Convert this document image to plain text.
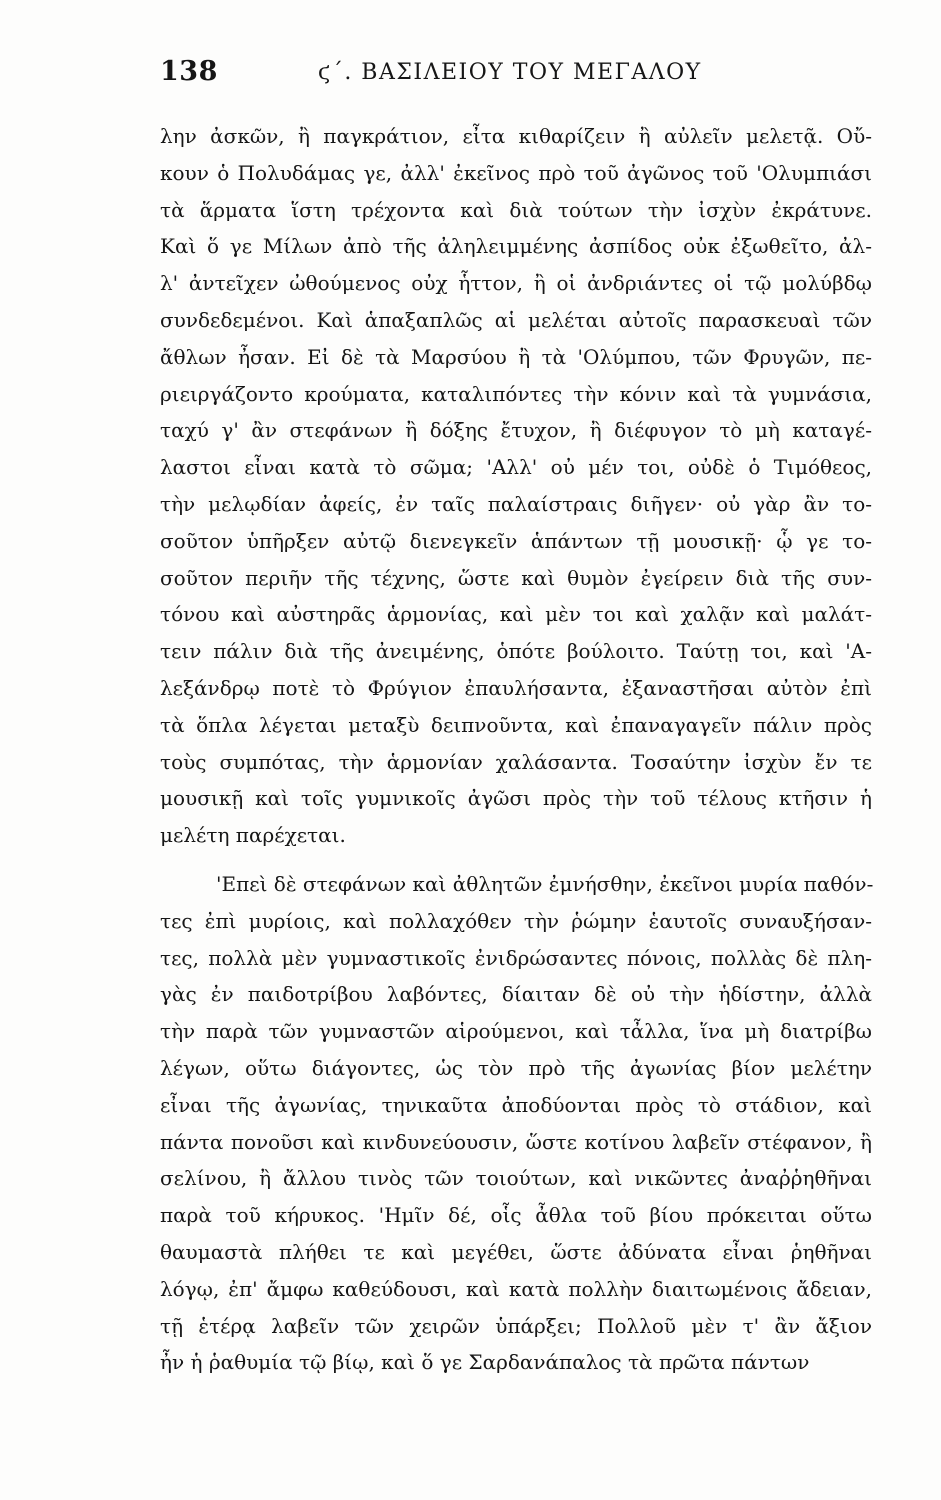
138	ϛ΄. ΒΑΣΙΛΕΙΟΥ ΤΟΥ ΜΕΓΑΛΟΥ
λην ἀσκῶν, ἢ παγκράτιον, εἶτα κιθαρίζειν ἢ αὐλεῖν μελετᾷ. Οὔ-
κουν ὁ Πολυδάμας γε, ἀλλ' ἐκεῖνος πρὸ τοῦ ἀγῶνος τοῦ 'Ολυμπιάσι
τὰ ἅρματα ἵστη τρέχοντα καὶ διὰ τούτων τὴν ἰσχὺν ἐκράτυνε.
Καὶ ὅ γε Μίλων ἀπὸ τῆς ἀληλειμμένης ἀσπίδος οὐκ ἐξωθεῖτο, ἀλ-
λ' ἀντεῖχεν ὠθούμενος οὐχ ἧττον, ἢ οἱ ἀνδριάντες οἱ τῷ μολύβδῳ
συνδεδεμένοι. Καὶ ἁπαξαπλῶς αἱ μελέται αὐτοῖς παρασκευαὶ τῶν
ἄθλων ἦσαν. Εἰ δὲ τὰ Μαρσύου ἢ τὰ 'Ολύμπου, τῶν Φρυγῶν, πε-
ριειργάζοντο κρούματα, καταλιπόντες τὴν κόνιν καὶ τὰ γυμνάσια,
ταχύ γ' ἂν στεφάνων ἢ δόξης ἔτυχον, ἢ διέφυγον τὸ μὴ καταγέ-
λαστοι εἶναι κατὰ τὸ σῶμα; 'Αλλ' οὐ μέν τοι, οὐδὲ ὁ Τιμόθεος,
τὴν μελῳδίαν ἀφείς, ἐν ταῖς παλαίστραις διῆγεν· οὐ γὰρ ἂν το-
σοῦτον ὑπῆρξεν αὐτῷ διενεγκεῖν ἁπάντων τῇ μουσικῇ· ᾧ γε το-
σοῦτον περιῆν τῆς τέχνης, ὥστε καὶ θυμὸν ἐγείρειν διὰ τῆς συν-
τόνου καὶ αὐστηρᾶς ἁρμονίας, καὶ μὲν τοι καὶ χαλᾷν καὶ μαλάτ-
τειν πάλιν διὰ τῆς ἀνειμένης, ὁπότε βούλοιτο. Ταύτῃ τοι, καὶ 'Α-
λεξάνδρῳ ποτὲ τὸ Φρύγιον ἐπαυλήσαντα, ἐξαναστῆσαι αὐτὸν ἐπὶ
τὰ ὅπλα λέγεται μεταξὺ δειπνοῦντα, καὶ ἐπαναγαγεῖν πάλιν πρὸς
τοὺς συμπότας, τὴν ἁρμονίαν χαλάσαντα. Τοσαύτην ἰσχὺν ἔν τε
μουσικῇ καὶ τοῖς γυμνικοῖς ἀγῶσι πρὸς τὴν τοῦ τέλους κτῆσιν ἡ
μελέτη παρέχεται.
'Επεὶ δὲ στεφάνων καὶ ἀθλητῶν ἐμνήσθην, ἐκεῖνοι μυρία παθόν-
τες ἐπὶ μυρίοις, καὶ πολλαχόθεν τὴν ῥώμην ἑαυτοῖς συναυξήσαν-
τες, πολλὰ μὲν γυμναστικοῖς ἐνιδρώσαντες πόνοις, πολλὰς δὲ πλη-
γὰς ἐν παιδοτρίβου λαβόντες, δίαιταν δὲ οὐ τὴν ἡδίστην, ἀλλὰ
τὴν παρὰ τῶν γυμναστῶν αἱρούμενοι, καὶ τἆλλα, ἵνα μὴ διατρίβω
λέγων, οὕτω διάγοντες, ὡς τὸν πρὸ τῆς ἀγωνίας βίον μελέτην
εἶναι τῆς ἀγωνίας, τηνικαῦτα ἀποδύονται πρὸς τὸ στάδιον, καὶ
πάντα πονοῦσι καὶ κινδυνεύουσιν, ὥστε κοτίνου λαβεῖν στέφανον, ἢ
σελίνου, ἢ ἄλλου τινὸς τῶν τοιούτων, καὶ νικῶντες ἀναῤῥηθῆναι
παρὰ τοῦ κήρυκος. 'Ημῖν δέ, οἷς ἆθλα τοῦ βίου πρόκειται οὕτω
θαυμαστὰ πλήθει τε καὶ μεγέθει, ὥστε ἀδύνατα εἶναι ῥηθῆναι
λόγῳ, ἐπ' ἄμφω καθεύδουσι, καὶ κατὰ πολλὴν διαιτωμένοις ἄδειαν,
τῇ ἑτέρᾳ λαβεῖν τῶν χειρῶν ὑπάρξει; Πολλοῦ μὲν τ' ἂν ἄξιον
ἦν ἡ ῥαθυμία τῷ βίῳ, καὶ ὅ γε Σαρδανάπαλος τὰ πρῶτα πάντων
